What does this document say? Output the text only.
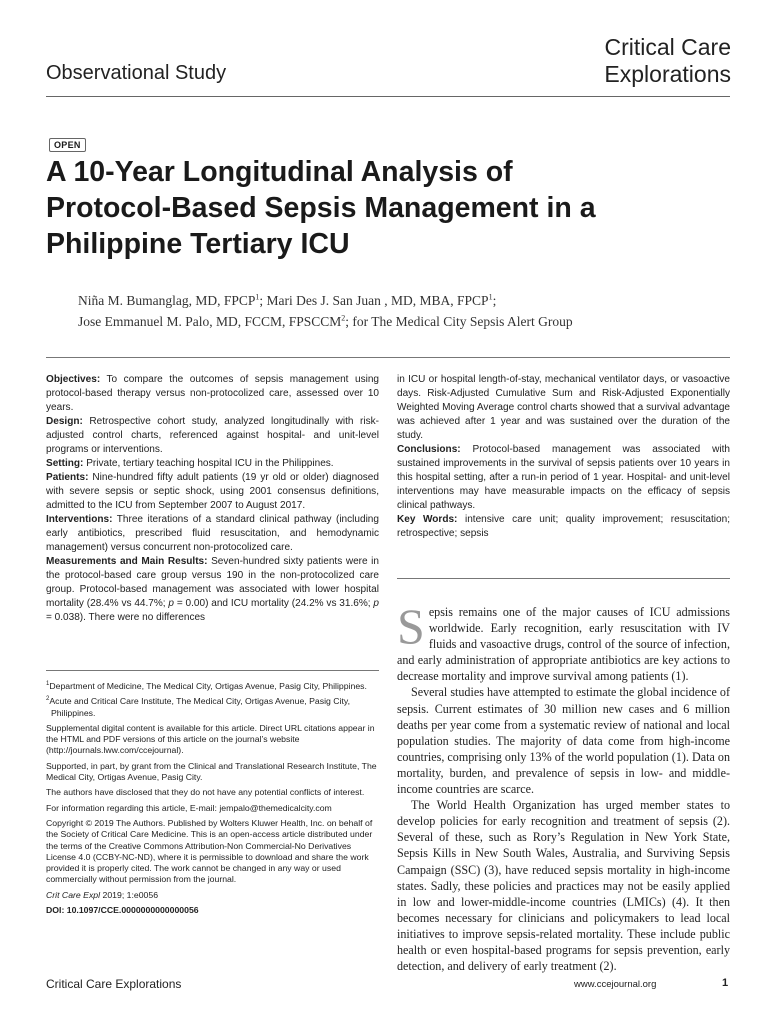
Critical Care
Explorations
Observational Study
OPEN
A 10-Year Longitudinal Analysis of
Protocol-Based Sepsis Management in a
Philippine Tertiary ICU
Niña M. Bumanglag, MD, FPCP$^1$; Mari Des J. San Juan , MD, MBA, FPCP$^1$;
Jose Emmanuel M. Palo, MD, FCCM, FPSCCM$^2$; for The Medical City Sepsis Alert Group

Objectives: To compare the outcomes of sepsis management using protocol-based therapy versus non-protocolized care, assessed over 10 years.

Design: Retrospective cohort study, analyzed longitudinally with risk-adjusted control charts, referenced against hospital- and unit-level programs or interventions.

Setting: Private, tertiary teaching hospital ICU in the Philippines.

Patients: Nine-hundred fifty adult patients (19 yr old or older) diagnosed with severe sepsis or septic shock, using 2001 consensus definitions, admitted to the ICU from September 2007 to August 2017.

Interventions: Three iterations of a standard clinical pathway (including early antibiotics, prescribed fluid resuscitation, and hemodynamic management) versus concurrent non-protocolized care.

Measurements and Main Results: Seven-hundred sixty patients were in the protocol-based care group versus 190 in the non-protocolized care group. Protocol-based management was associated with lower hospital mortality (28.4% vs 44.7%; p = 0.00) and ICU mortality (24.2% vs 31.6%; p = 0.038). There were no differences

in ICU or hospital length-of-stay, mechanical ventilator days, or vasoactive days. Risk-Adjusted Cumulative Sum and Risk-Adjusted Exponentially Weighted Moving Average control charts showed that a survival advantage was achieved after 1 year and was sustained over the duration of the study.

Conclusions: Protocol-based management was associated with sustained improvements in the survival of sepsis patients over 10 years in this hospital setting, after a run-in period of 1 year. Hospital- and unit-level interventions may have measurable impacts on the efficacy of sepsis clinical pathways.

Key Words: intensive care unit; quality improvement; resuscitation; retrospective; sepsis

$^1$Department of Medicine, The Medical City, Ortigas Avenue, Pasig City, Philippines.

$^2$Acute and Critical Care Institute, The Medical City, Ortigas Avenue, Pasig City, Philippines.

Supplemental digital content is available for this article. Direct URL citations appear in the HTML and PDF versions of this article on the journal’s website (http://journals.lww.com/ccejournal).

Supported, in part, by grant from the Clinical and Translational Research Institute, The Medical City, Ortigas Avenue, Pasig City.

The authors have disclosed that they do not have any potential conflicts of interest.

For information regarding this article, E-mail: jempalo@themedicalcity.com

Copyright © 2019 The Authors. Published by Wolters Kluwer Health, Inc. on behalf of the Society of Critical Care Medicine. This is an open-access article distributed under the terms of the Creative Commons Attribution-Non Commercial-No Derivatives License 4.0 (CCBY-NC-ND), where it is permissible to download and share the work provided it is properly cited. The work cannot be changed in any way or used commercially without permission from the journal.

Crit Care Expl 2019; 1:e0056

DOI: 10.1097/CCE.0000000000000056

Sepsis remains one of the major causes of ICU admissions worldwide. Early recognition, early resuscitation with IV fluids and vasoactive drugs, control of the source of infection, and early administration of appropriate antibiotics are key actions to decrease mortality and improve survival among patients (1).

Several studies have attempted to estimate the global incidence of sepsis. Current estimates of 30 million new cases and 6 million deaths per year come from a systematic review of national and local population studies. The majority of data come from high-income countries, comprising only 13% of the world population (1). Data on mortality, burden, and prevalence of sepsis in low- and middle-income countries are scarce.

The World Health Organization has urged member states to develop policies for early recognition and treatment of sepsis (2). Several of these, such as Rory’s Regulation in New York State, Sepsis Kills in New South Wales, Australia, and Surviving Sepsis Campaign (SSC) (3), have reduced sepsis mortality in high-income states. Sadly, these policies and practices may not be easily applied in low and lower-middle-income countries (LMICs) (4). It then becomes necessary for clinicians and policymakers to lead local initiatives to improve sepsis-related mortality. These include public health or even hospital-based programs for sepsis prevention, early detection, and delivery of early treatment (2).

Critical Care Explorations	www.ccejournal.org	1
